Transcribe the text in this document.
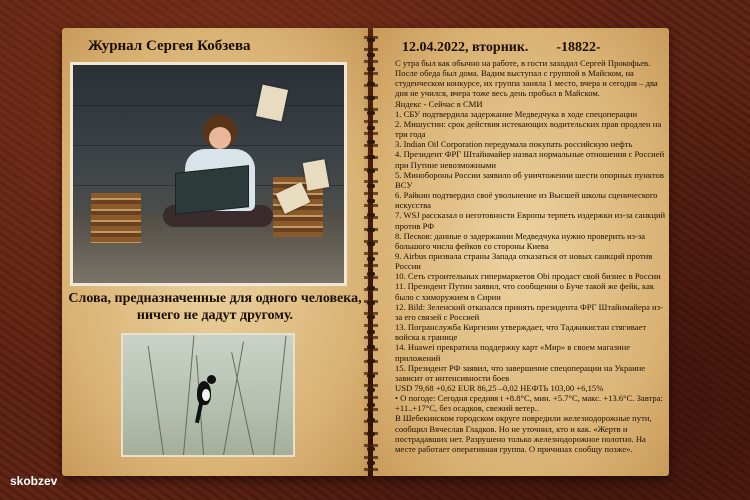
Журнал Сергея Кобзева
Слова, предназначенные для одного человека, ничего не дадут другому.
12.04.2022, вторник.        -18822-

С утра был как обычно на работе, в гости заходил Сергей Прокофьев. После обеда был дома. Вадим выступал с группой в Майском, на студенческом конкурсе, их группа заняла 1 место, вчера и сегодня – два дня не учился, вчера тоже весь день пробыл в Майском.

Яндекс - Сейчас в СМИ

1. СБУ подтвердила задержание Медведчука в ходе спецоперации

2. Мишустин: срок действия истекающих водительских прав продлен на три года

3. Indian Oil Corporation передумала покупать российскую нефть

4. Президент ФРГ Штайнмайер назвал нормальные отношения с Россией при Путине невозможными

5. Минобороны России заявило об уничтожении шести опорных пунктов ВСУ

6. Райкин подтвердил своё увольнение из Высшей школы сценического искусства

7. WSJ рассказал о неготовности Европы терпеть издержки из-за санкций против РФ

8. Песков: данные о задержании Медведчука нужно проверить из-за большого числа фейков со стороны Киева

9. Airbus призвала страны Запада отказаться от новых санкций против России

10. Сеть строительных гипермаркетов Obi продаст свой бизнес в России

11. Президент Путин заявил, что сообщения о Буче такой же фейк, как было с химоружием в Сирии

12. Bild: Зеленский отказался принять президента ФРГ Штайнмайера из-за его связей с Россией

13. Погранслужба Киргизии утверждает, что Таджикистан стягивает войска к границе

14. Huawei прекратила поддержку карт «Мир» в своем магазине приложений

15. Президент РФ заявил, что завершение спецоперации на Украине зависит от интенсивности боев

USD 79,68 +0,62 EUR 86,25 –0,02 НЕФТЬ 103,00 +6,15%

• О погоде: Сегодня средняя t +8.8°C, мин. +5.7°C, макс. +13.6°C. Завтра: +11..+17°C, без осадков, свежий ветер..

В Шебекинском городском округе повредили железнодорожные пути, сообщил Вячеслав Гладков. Но не уточнил, кто и как. «Жертв и пострадавших нет. Разрушено только железнодорожное полотно. На месте работает оперативная группа. О причинах сообщу позже».

skobzev
